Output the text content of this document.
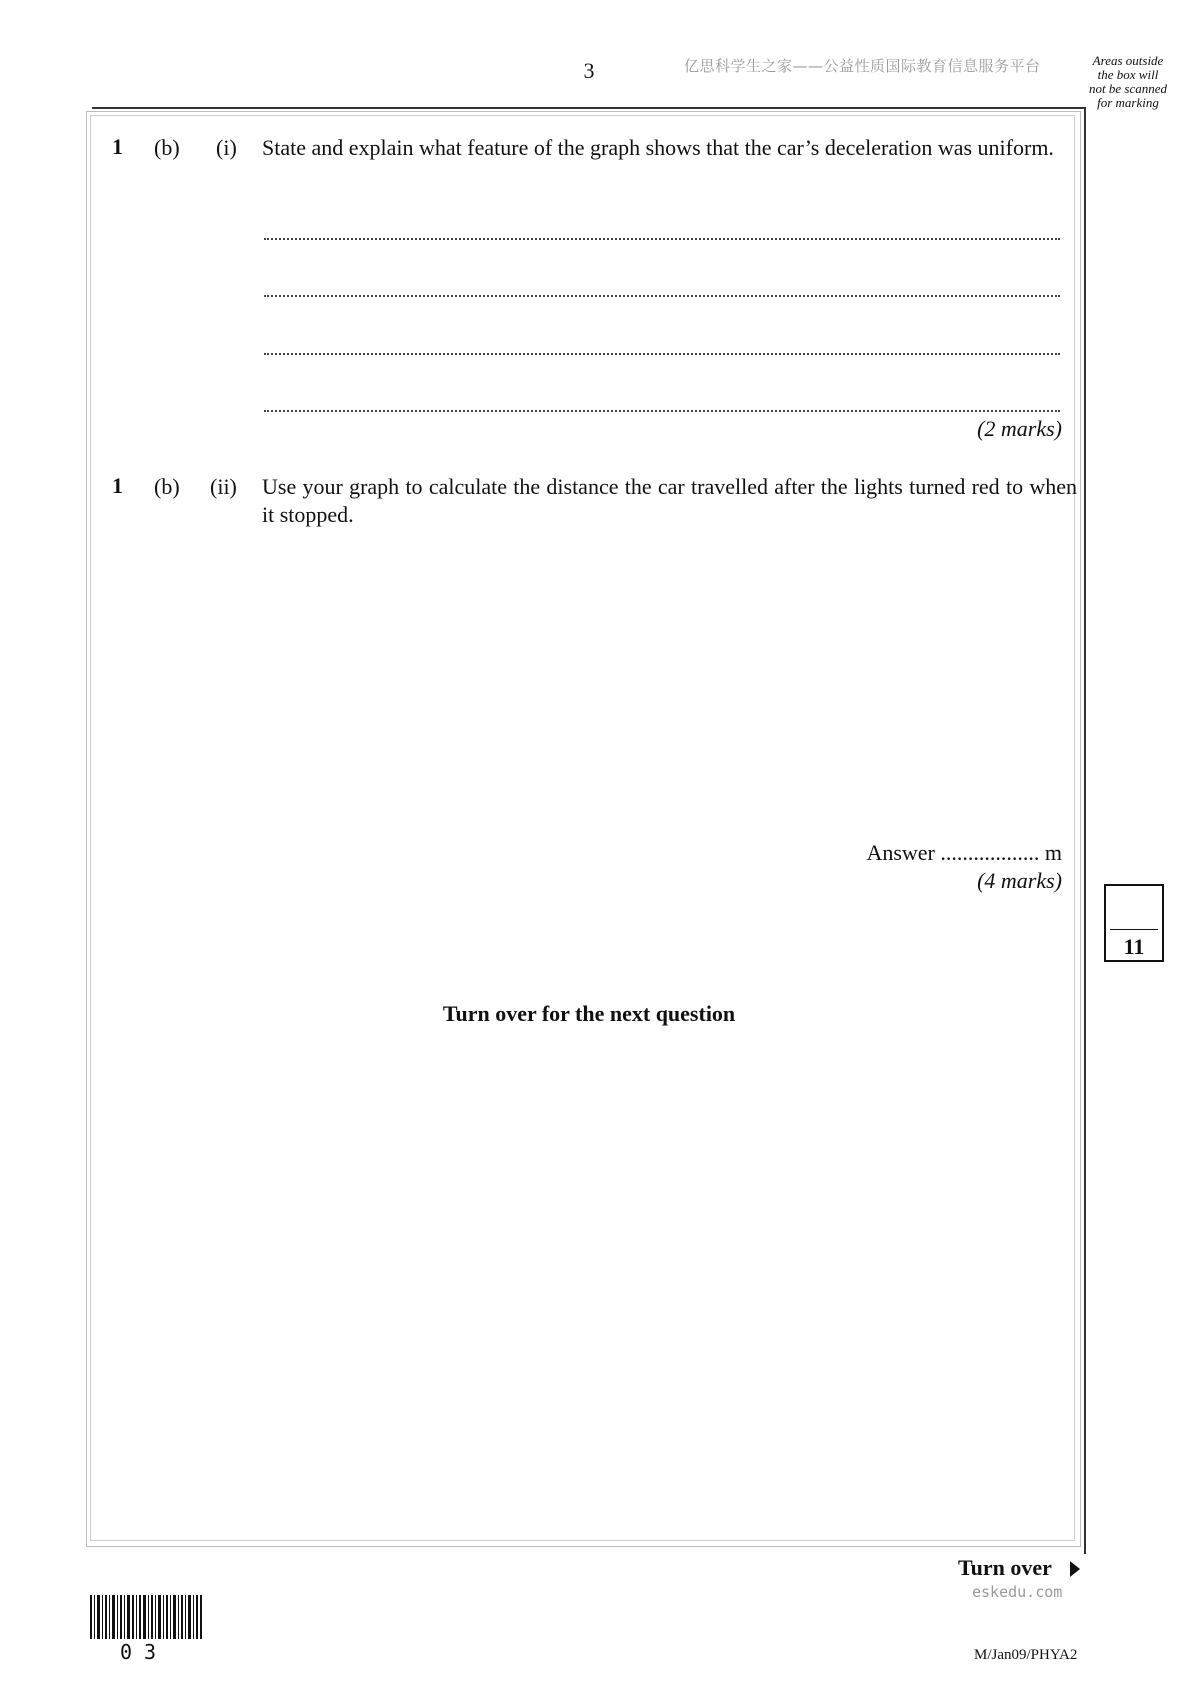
3	亿思科学生之家——公益性质国际教育信息服务平台	Areas outside
the box will
not be scanned
for marking
1 (b) (i) State and explain what feature of the graph shows that the car’s deceleration was uniform.
(2 marks)
1 (b) (ii) Use your graph to calculate the distance the car travelled after the lights turned red to when it stopped.
Answer .................. m
(4 marks)
11
Turn over for the next question
Turn over
eskedu.com
M/Jan09/PHYA2
03
